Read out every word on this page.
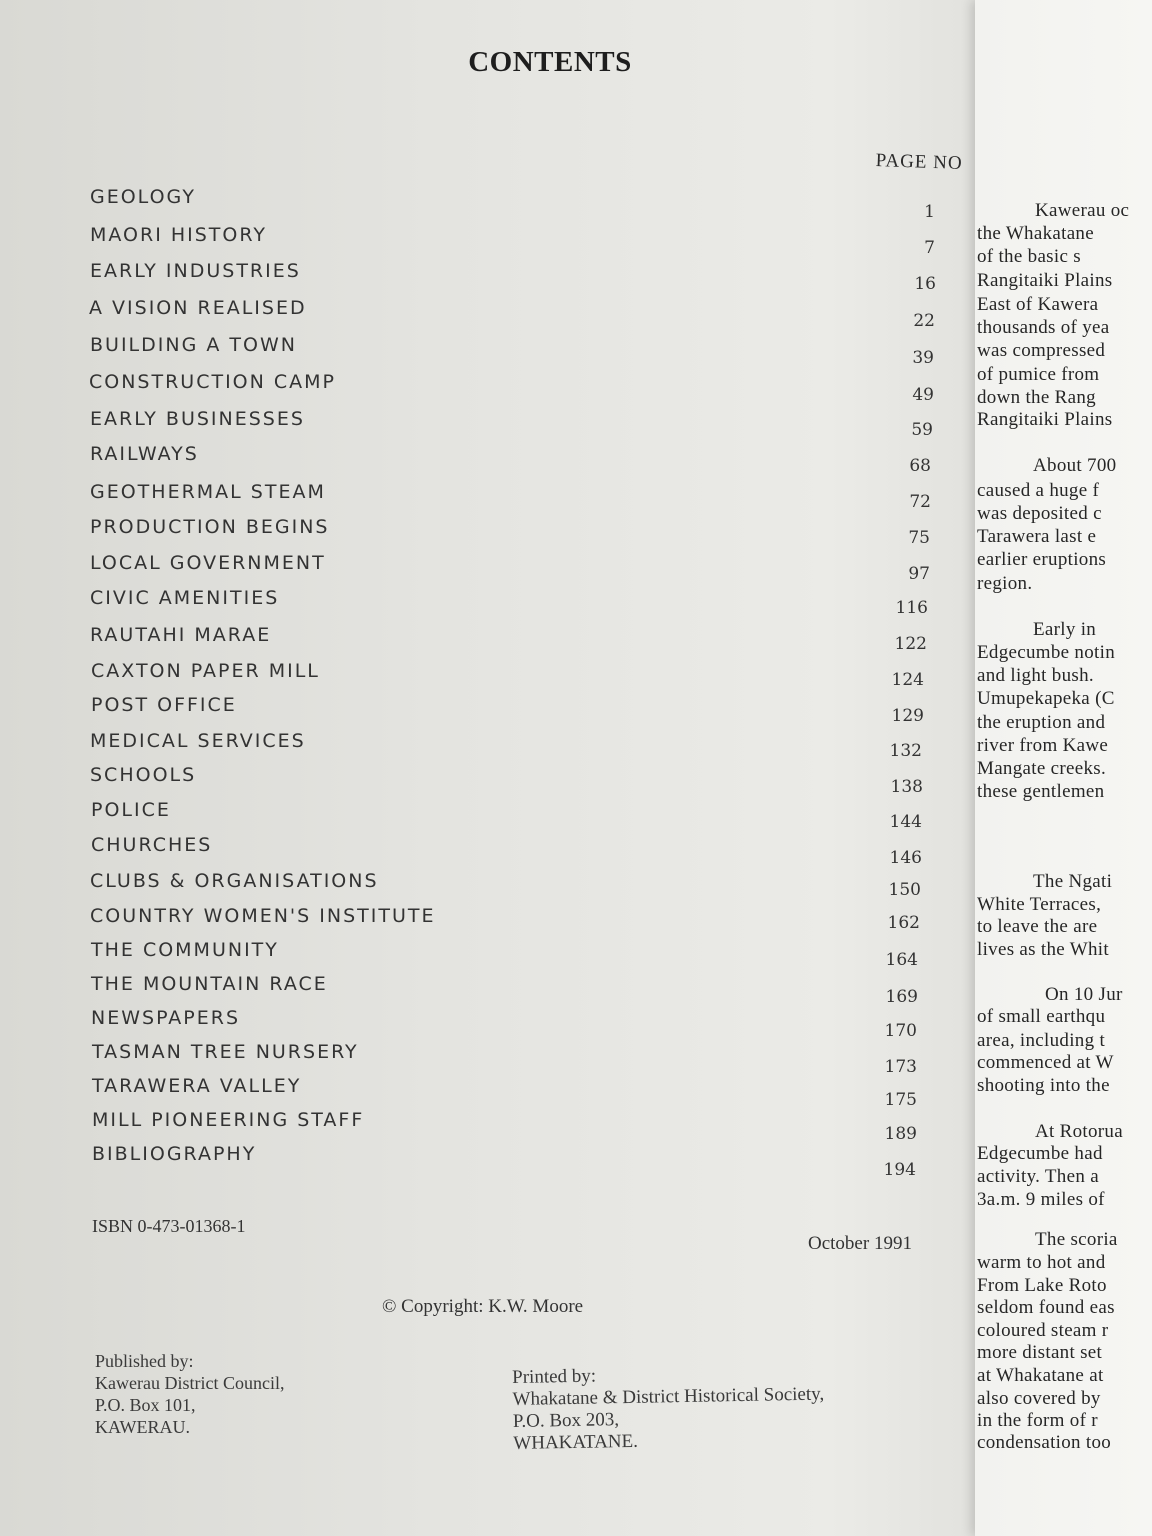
CONTENTS
PAGE NO
GEOLOGY
MAORI HISTORY
1
EARLY INDUSTRIES
7
A VISION REALISED
16
BUILDING A TOWN
22
CONSTRUCTION CAMP
39
EARLY BUSINESSES
49
RAILWAYS
59
GEOTHERMAL STEAM
68
PRODUCTION BEGINS
72
LOCAL GOVERNMENT
75
CIVIC AMENITIES
97
RAUTAHI MARAE
116
CAXTON PAPER MILL
122
POST OFFICE
124
MEDICAL SERVICES
129
SCHOOLS
132
POLICE
138
CHURCHES
144
CLUBS & ORGANISATIONS
146
COUNTRY WOMEN'S INSTITUTE
150
THE COMMUNITY
162
THE MOUNTAIN RACE
164
NEWSPAPERS
169
TASMAN TREE NURSERY
170
TARAWERA VALLEY
173
MILL PIONEERING STAFF
175
BIBLIOGRAPHY
189
194
ISBN 0-473-01368-1
October 1991
© Copyright: K.W. Moore
Published by:
Kawerau District Council,
P.O. Box 101,
KAWERAU.
Printed by:
Whakatane & District Historical Society,
P.O. Box 203,
WHAKATANE.
Kawerau oc
the Whakatane
of the basic s
Rangitaiki Plains
East of Kawera
thousands of yea
was compressed
of pumice from
down the Rang
Rangitaiki Plains
About 700
caused a huge f
was deposited c
Tarawera last e
earlier eruptions
region.
Early in
Edgecumbe notin
and light bush.
Umupekapeka (C
the eruption and
river from Kawe
Mangate creeks.
these gentlemen
The Ngati
White Terraces,
to leave the are
lives as the Whit
On 10 Jur
of small earthqu
area, including t
commenced at W
shooting into the
At Rotorua
Edgecumbe had
activity. Then a
3a.m. 9 miles of
The scoria
warm to hot and
From Lake Roto
seldom found eas
coloured steam r
more distant set
at Whakatane at
also covered by
in the form of r
condensation too
